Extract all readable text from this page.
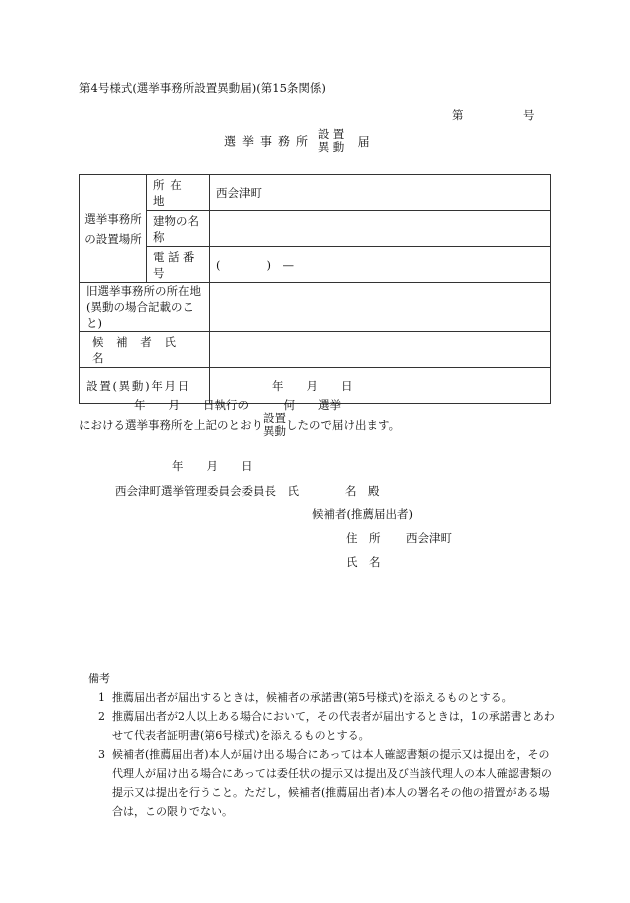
第4号様式(選挙事務所設置異動届)(第15条関係)
第	号
選挙事務所 設置
異動 届
選挙事務所
の設置場所	所在地	西会津町
	建物の名称	
	電話番号	(　　　　)　—
旧選挙事務所の所在地
(異動の場合記載のこと)		
候補者氏名		
設置(異動)年月日		年　　月　　日
年　　月　　日執行の　　　何　　選挙
における選挙事務所を上記のとおり設置
異動したので届け出ます。
年　　月　　日
西会津町選挙管理委員会委員長　氏　　　　名　殿
候補者(推薦届出者)
住　所 西会津町
氏　名
備考
1 推薦届出者が届出するときは，候補者の承諾書(第5号様式)を添えるものとする。
2 推薦届出者が2人以上ある場合において，その代表者が届出するときは，1の承諾書とあわせて代表者証明書(第6号様式)を添えるものとする。
3 候補者(推薦届出者)本人が届け出る場合にあっては本人確認書類の提示又は提出を，その代理人が届け出る場合にあっては委任状の提示又は提出及び当該代理人の本人確認書類の提示又は提出を行うこと。ただし，候補者(推薦届出者)本人の署名その他の措置がある場合は，この限りでない。
